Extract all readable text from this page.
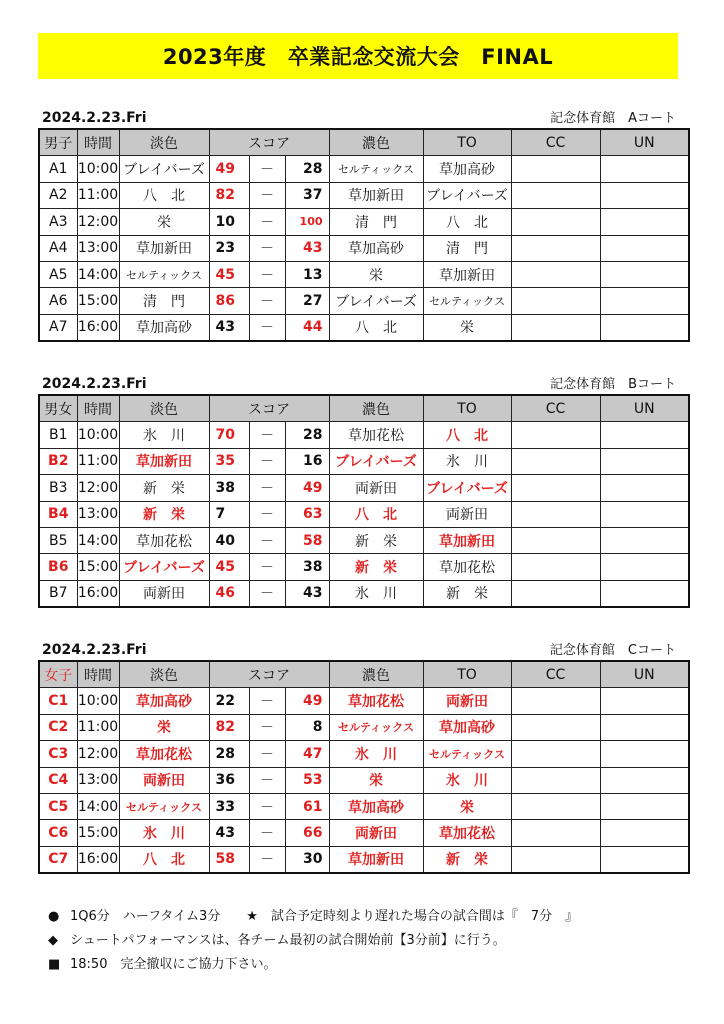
2023年度　卒業記念交流大会　FINAL
2024.2.23.Fri	記念体育館　Aコート
男子	時間	淡色	スコア			濃色	TO	CC	UN
A1	10:00	ブレイバーズ	49	－	28	セルティックス	草加高砂		
A2	11:00	八　北	82	－	37	草加新田	ブレイバーズ		
A3	12:00	栄	10	－	100	清　門	八　北		
A4	13:00	草加新田	23	－	43	草加高砂	清　門		
A5	14:00	セルティックス	45	－	13	栄	草加新田		
A6	15:00	清　門	86	－	27	ブレイバーズ	セルティックス		
A7	16:00	草加高砂	43	－	44	八　北	栄		
2024.2.23.Fri	記念体育館　Bコート
男女	時間	淡色	スコア			濃色	TO	CC	UN
B1	10:00	氷　川	70	－	28	草加花松	八　北		
B2	11:00	草加新田	35	－	16	ブレイバーズ	氷　川		
B3	12:00	新　栄	38	－	49	両新田	ブレイバーズ		
B4	13:00	新　栄	7	－	63	八　北	両新田		
B5	14:00	草加花松	40	－	58	新　栄	草加新田		
B6	15:00	ブレイバーズ	45	－	38	新　栄	草加花松		
B7	16:00	両新田	46	－	43	氷　川	新　栄		
2024.2.23.Fri	記念体育館　Cコート
女子	時間	淡色	スコア			濃色	TO	CC	UN
C1	10:00	草加高砂	22	－	49	草加花松	両新田		
C2	11:00	栄	82	－	8	セルティックス	草加高砂		
C3	12:00	草加花松	28	－	47	氷　川	セルティックス		
C4	13:00	両新田	36	－	53	栄	氷　川		
C5	14:00	セルティックス	33	－	61	草加高砂	栄		
C6	15:00	氷　川	43	－	66	両新田	草加花松		
C7	16:00	八　北	58	－	30	草加新田	新　栄		
● 1Q6分　ハーフタイム3分　　★　試合予定時刻より遅れた場合の試合間は『　7分　』
◆ シュートパフォーマンスは、各チーム最初の試合開始前【3分前】に行う。
■ 18:50　完全撤収にご協力下さい。
